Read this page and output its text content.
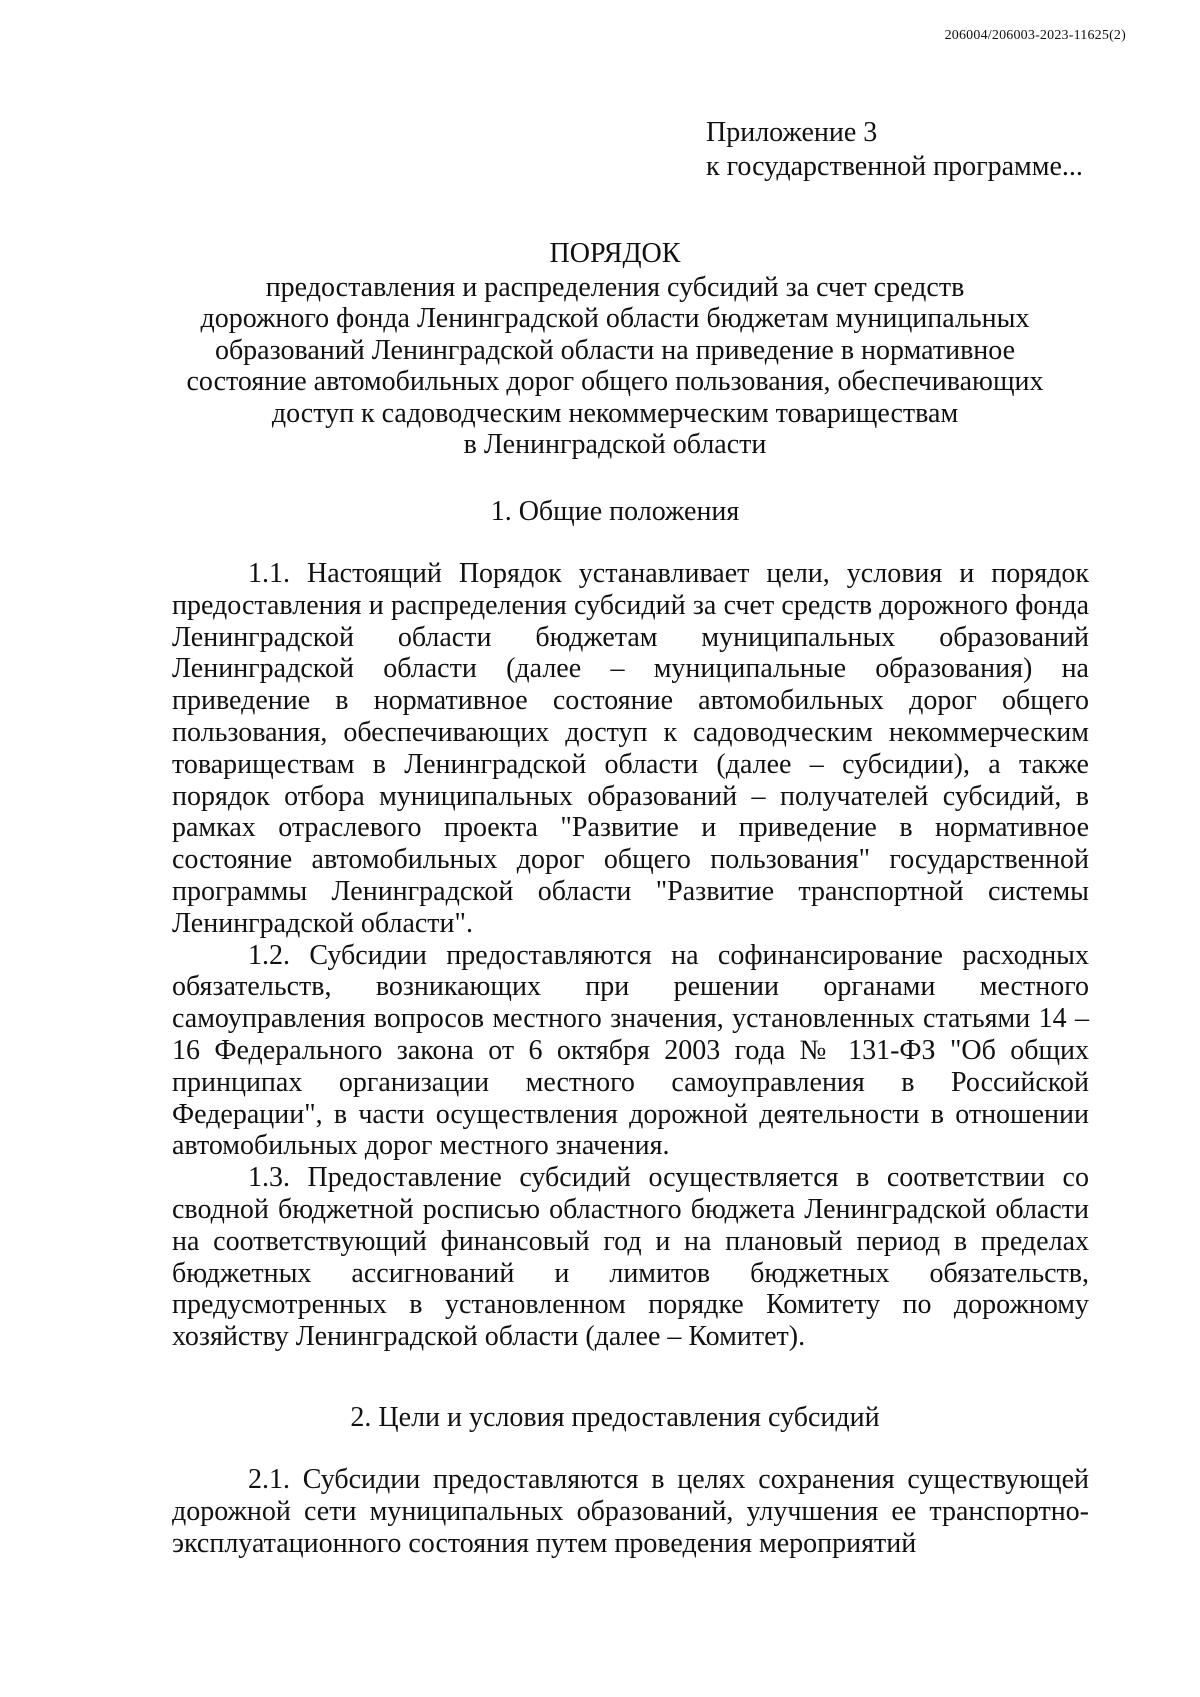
206004/206003-2023-11625(2)
Приложение 3
к государственной программе...
ПОРЯДОК
предоставления и распределения субсидий за счет средств
дорожного фонда Ленинградской области бюджетам муниципальных
образований Ленинградской области на приведение в нормативное
состояние автомобильных дорог общего пользования, обеспечивающих
доступ к садоводческим некоммерческим товариществам
в Ленинградской области
1. Общие положения

1.1. Настоящий Порядок устанавливает цели, условия и порядок предоставления и распределения субсидий за счет средств дорожного фонда Ленинградской области бюджетам муниципальных образований Ленинградской области (далее – муниципальные образования) на приведение в нормативное состояние автомобильных дорог общего пользования, обеспечивающих доступ к садоводческим некоммерческим товариществам в Ленинградской области (далее – субсидии), а также порядок отбора муниципальных образований – получателей субсидий, в рамках отраслевого проекта "Развитие и приведение в нормативное состояние автомобильных дорог общего пользования" государственной программы Ленинградской области "Развитие транспортной системы Ленинградской области".

1.2. Субсидии предоставляются на софинансирование расходных обязательств, возникающих при решении органами местного самоуправления вопросов местного значения, установленных статьями 14 – 16 Федерального закона от 6 октября 2003 года № 131-ФЗ "Об общих принципах организации местного самоуправления в Российской Федерации", в части осуществления дорожной деятельности в отношении автомобильных дорог местного значения.

1.3. Предоставление субсидий осуществляется в соответствии со сводной бюджетной росписью областного бюджета Ленинградской области на соответствующий финансовый год и на плановый период в пределах бюджетных ассигнований и лимитов бюджетных обязательств, предусмотренных в установленном порядке Комитету по дорожному хозяйству Ленинградской области (далее – Комитет).

2. Цели и условия предоставления субсидий

2.1. Субсидии предоставляются в целях сохранения существующей дорожной сети муниципальных образований, улучшения ее транспортно-эксплуатационного состояния путем проведения мероприятий
